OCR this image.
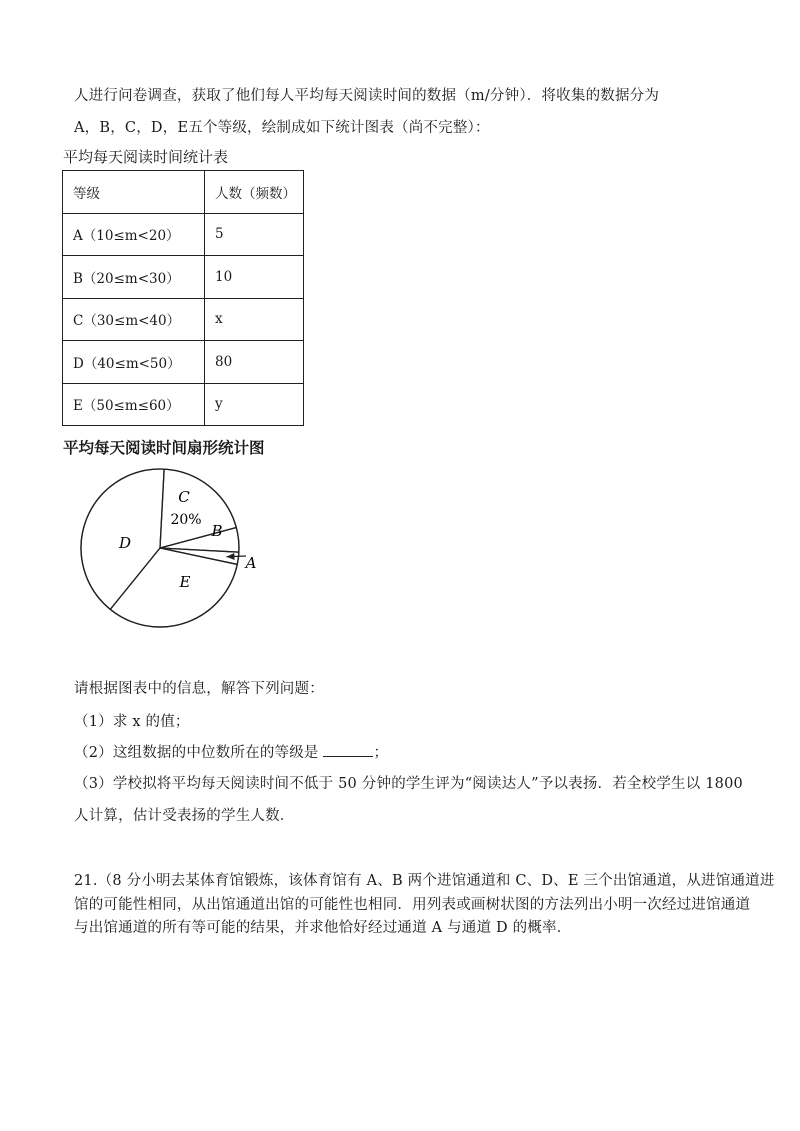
人进行问卷调查，获取了他们每人平均每天阅读时间的数据（m/分钟）．将收集的数据分为
A，B，C，D，E五个等级，绘制成如下统计图表（尚不完整）：
平均每天阅读时间统计表
等级	人数（频数）
A（10≤m<20）	5
B（20≤m<30）	10
C（30≤m<40）	x
D（40≤m<50）	80
E（50≤m≤60）	y
平均每天阅读时间扇形统计图
B
C
D
E
20%
A
请根据图表中的信息，解答下列问题：
（1）求 x 的值；
（2）这组数据的中位数所在的等级是	；
（3）学校拟将平均每天阅读时间不低于 50 分钟的学生评为“阅读达人”予以表扬．若全校学生以 1800
人计算，估计受表扬的学生人数．
21.（8 分小明去某体育馆锻炼，该体育馆有 A、B 两个进馆通道和 C、D、E 三个出馆通道，从进馆通道进
馆的可能性相同，从出馆通道出馆的可能性也相同．用列表或画树状图的方法列出小明一次经过进馆通道
与出馆通道的所有等可能的结果，并求他恰好经过通道 A 与通道 D 的概率．
